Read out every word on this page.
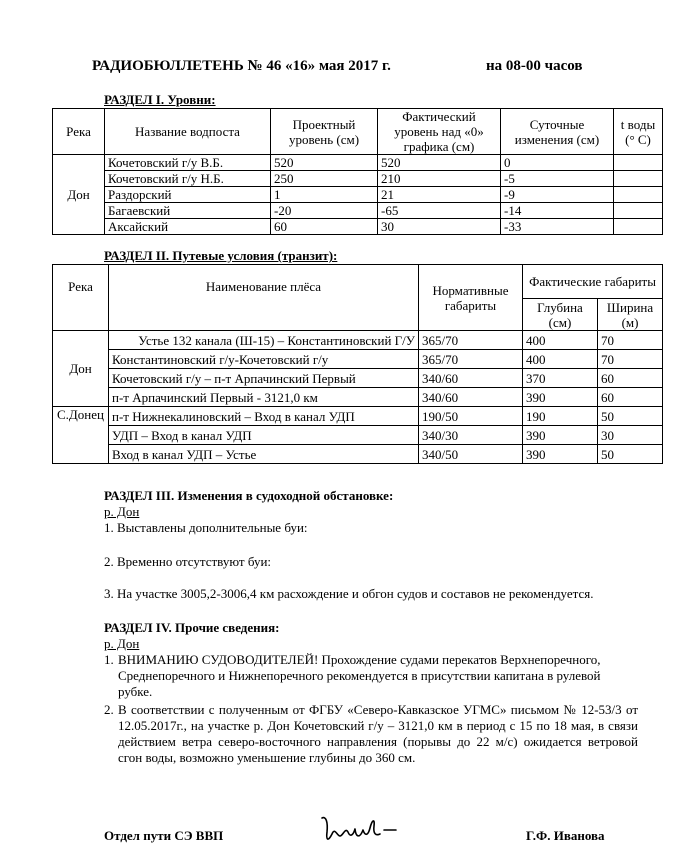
РАДИОБЮЛЛЕТЕНЬ № 46 «16» мая 2017 г.	на 08-00 часов
РАЗДЕЛ I. Уровни:
Река	Название водпоста	Проектный уровень (см)	Фактический уровень над «0» графика (см)	Суточные изменения (см)	t воды (° С)
Дон	Кочетовский г/у В.Б.	520	520	0	
	Кочетовский г/у Н.Б.	250	210	-5	
	Раздорский	1	21	-9	
	Багаевский	-20	-65	-14	
	Аксайский	60	30	-33	
РАЗДЕЛ II. Путевые условия (транзит):
Река	Наименование плёса	Нормативные габариты	Фактические габариты	
			Глубина (см)	Ширина (м)
Дон	Устье 132 канала (Ш-15) – Константиновский Г/У	365/70	400	70
	Константиновский г/у-Кочетовский г/у	365/70	400	70
	Кочетовский г/у – п-т Арпачинский Первый	340/60	370	60
	п-т Арпачинский Первый - 3121,0 км	340/60	390	60
С.Донец	п-т Нижнекалиновский – Вход в канал УДП	190/50	190	50
	УДП – Вход в канал УДП	340/30	390	30
	Вход в канал УДП – Устье	340/50	390	50
РАЗДЕЛ III. Изменения в судоходной обстановке:
р. Дон
1. Выставлены дополнительные буи:
2. Временно отсутствуют буи:
3. На участке 3005,2-3006,4 км расхождение и обгон судов и составов не рекомендуется.
РАЗДЕЛ IV. Прочие сведения:
р. Дон
1. ВНИМАНИЮ СУДОВОДИТЕЛЕЙ! Прохождение судами перекатов Верхнепоречного, Среднепоречного и Нижнепоречного рекомендуется в присутствии капитана в рулевой рубке.
2. В соответствии с полученным от ФГБУ «Северо-Кавказское УГМС» письмом № 12-53/3 от 12.05.2017г., на участке р. Дон Кочетовский г/у – 3121,0 км в период с 15 по 18 мая, в связи действием ветра северо-восточного направления (порывы до 22 м/с) ожидается ветровой сгон воды, возможно уменьшение глубины до 360 см.
Отдел пути СЭ ВВП	Г.Ф. Иванова
